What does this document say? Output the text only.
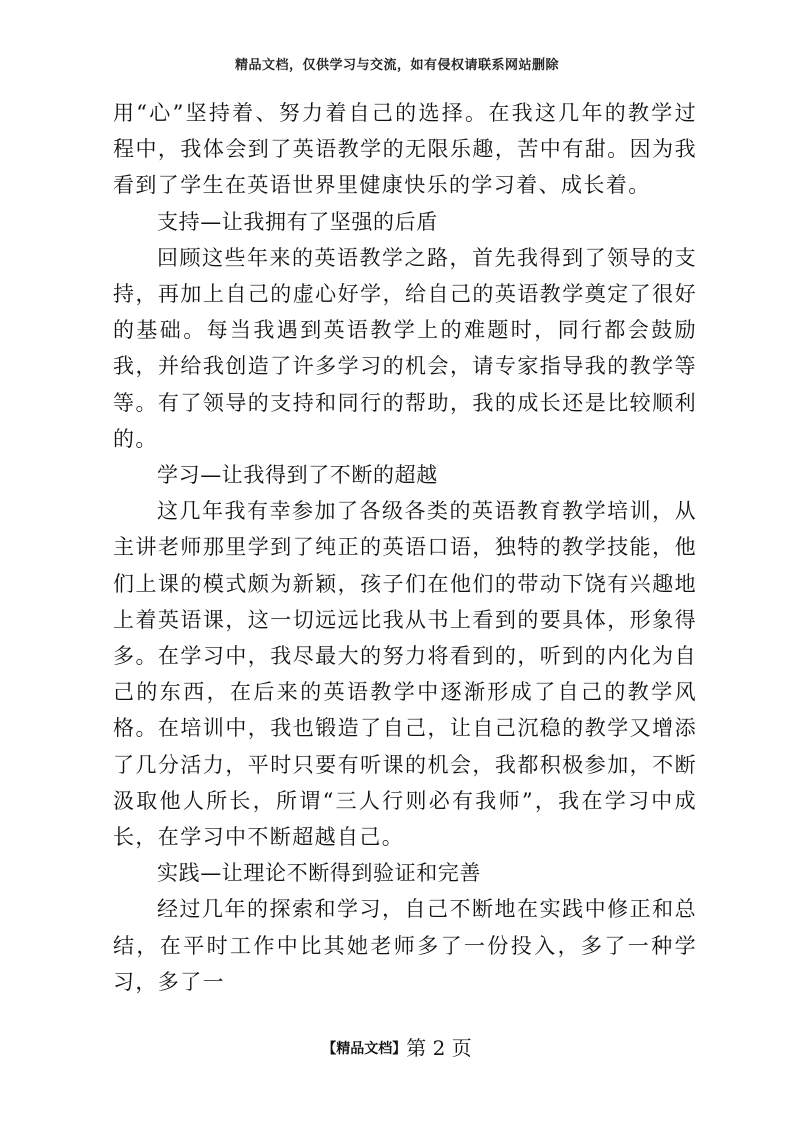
精品文档，仅供学习与交流，如有侵权请联系网站删除

用“心”坚持着、努力着自己的选择。在我这几年的教学过程中，我体会到了英语教学的无限乐趣，苦中有甜。因为我看到了学生在英语世界里健康快乐的学习着、成长着。

支持—让我拥有了坚强的后盾

回顾这些年来的英语教学之路，首先我得到了领导的支持，再加上自己的虚心好学，给自己的英语教学奠定了很好的基础。每当我遇到英语教学上的难题时，同行都会鼓励我，并给我创造了许多学习的机会，请专家指导我的教学等等。有了领导的支持和同行的帮助，我的成长还是比较顺利的。

学习—让我得到了不断的超越

这几年我有幸参加了各级各类的英语教育教学培训，从主讲老师那里学到了纯正的英语口语，独特的教学技能，他们上课的模式颇为新颖，孩子们在他们的带动下饶有兴趣地上着英语课，这一切远远比我从书上看到的要具体，形象得多。在学习中，我尽最大的努力将看到的，听到的内化为自己的东西，在后来的英语教学中逐渐形成了自己的教学风格。在培训中，我也锻造了自己，让自己沉稳的教学又增添了几分活力，平时只要有听课的机会，我都积极参加，不断汲取他人所长，所谓“三人行则必有我师”，我在学习中成长，在学习中不断超越自己。

实践—让理论不断得到验证和完善

经过几年的探索和学习，自己不断地在实践中修正和总结，在平时工作中比其她老师多了一份投入，多了一种学习，多了一

【精品文档】第 2 页
